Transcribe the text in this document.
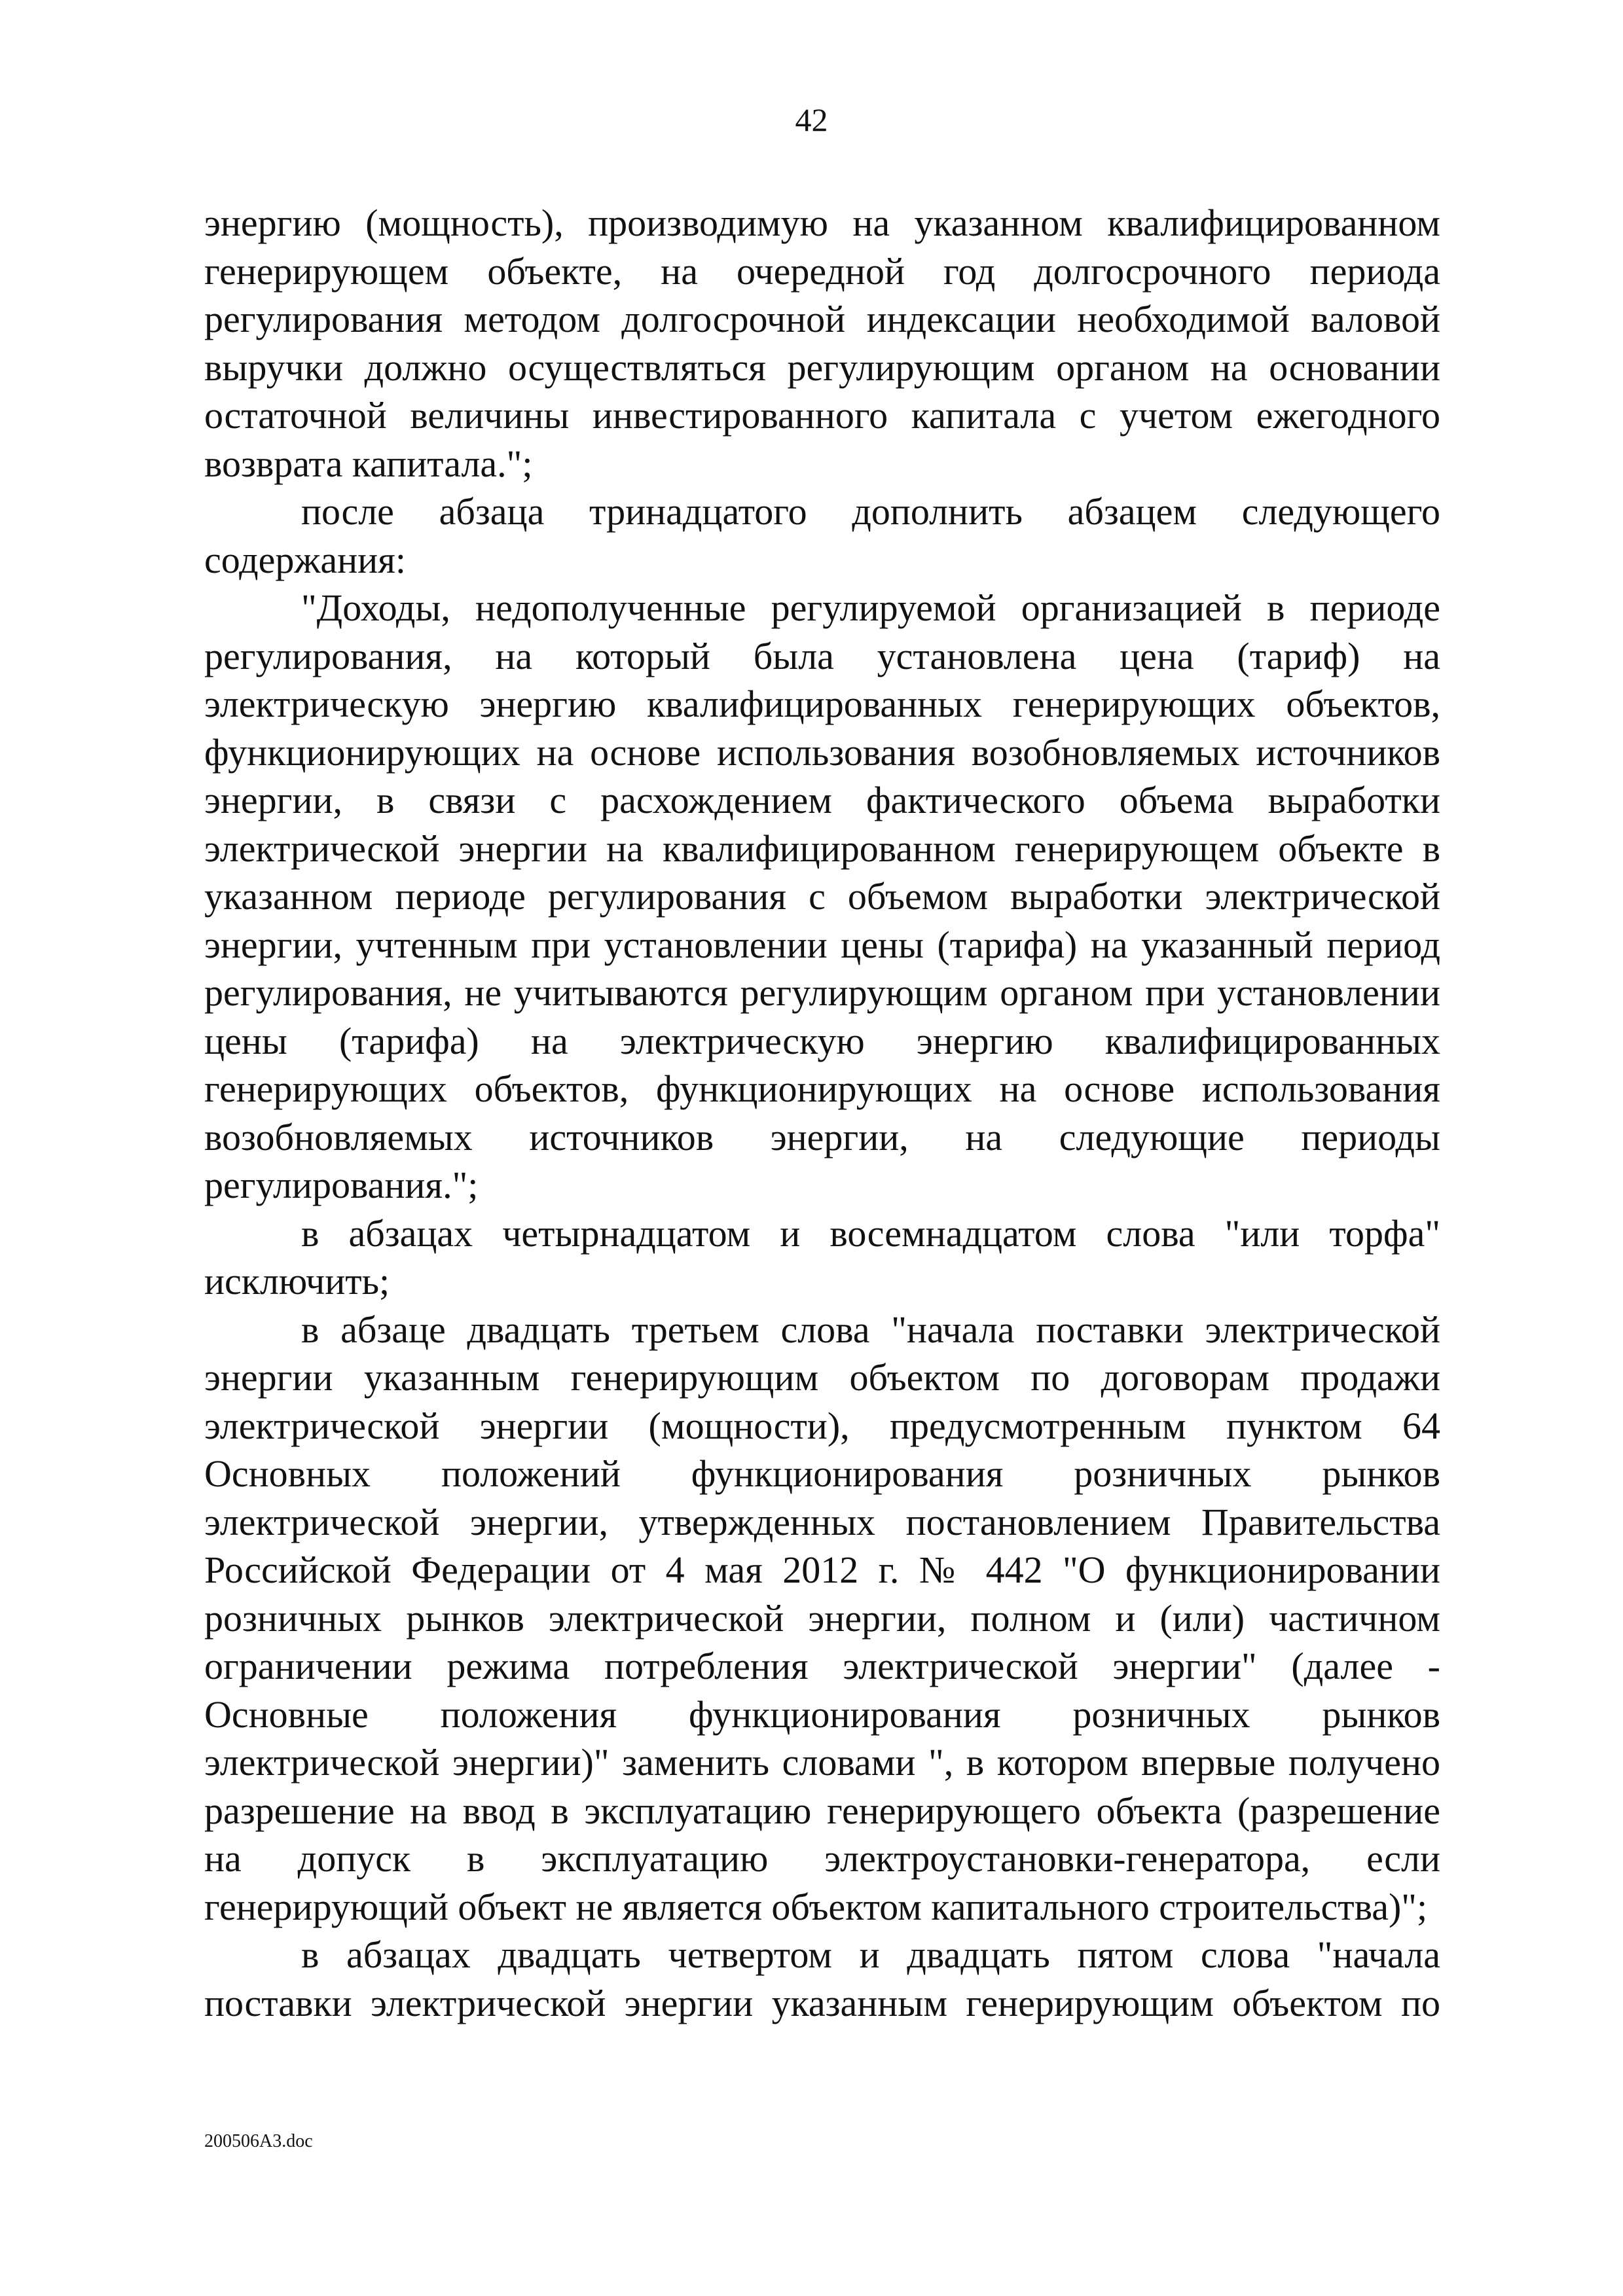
42

энергию (мощность), производимую на указанном квалифицированном
генерирующем объекте, на очередной год долгосрочного периода
регулирования методом долгосрочной индексации необходимой валовой
выручки должно осуществляться регулирующим органом на основании
остаточной величины инвестированного капитала с учетом ежегодного
возврата капитала.";

после абзаца тринадцатого дополнить абзацем следующего
содержания:

"Доходы, недополученные регулируемой организацией в периоде
регулирования, на который была установлена цена (тариф) на
электрическую энергию квалифицированных генерирующих объектов,
функционирующих на основе использования возобновляемых источников
энергии, в связи с расхождением фактического объема выработки
электрической энергии на квалифицированном генерирующем объекте в
указанном периоде регулирования с объемом выработки электрической
энергии, учтенным при установлении цены (тарифа) на указанный период
регулирования, не учитываются регулирующим органом при установлении
цены (тарифа) на электрическую энергию квалифицированных
генерирующих объектов, функционирующих на основе использования
возобновляемых источников энергии, на следующие периоды
регулирования.";

в абзацах четырнадцатом и восемнадцатом слова "или торфа"
исключить;

в абзаце двадцать третьем слова "начала поставки электрической
энергии указанным генерирующим объектом по договорам продажи
электрической энергии (мощности), предусмотренным пунктом 64
Основных положений функционирования розничных рынков
электрической энергии, утвержденных постановлением Правительства
Российской Федерации от 4 мая 2012 г. № 442 "О функционировании
розничных рынков электрической энергии, полном и (или) частичном
ограничении режима потребления электрической энергии" (далее -
Основные положения функционирования розничных рынков
электрической энергии)" заменить словами ", в котором впервые получено
разрешение на ввод в эксплуатацию генерирующего объекта (разрешение
на допуск в эксплуатацию электроустановки-генератора, если
генерирующий объект не является объектом капитального строительства)";

в абзацах двадцать четвертом и двадцать пятом слова "начала
поставки электрической энергии указанным генерирующим объектом по

200506A3.doc
